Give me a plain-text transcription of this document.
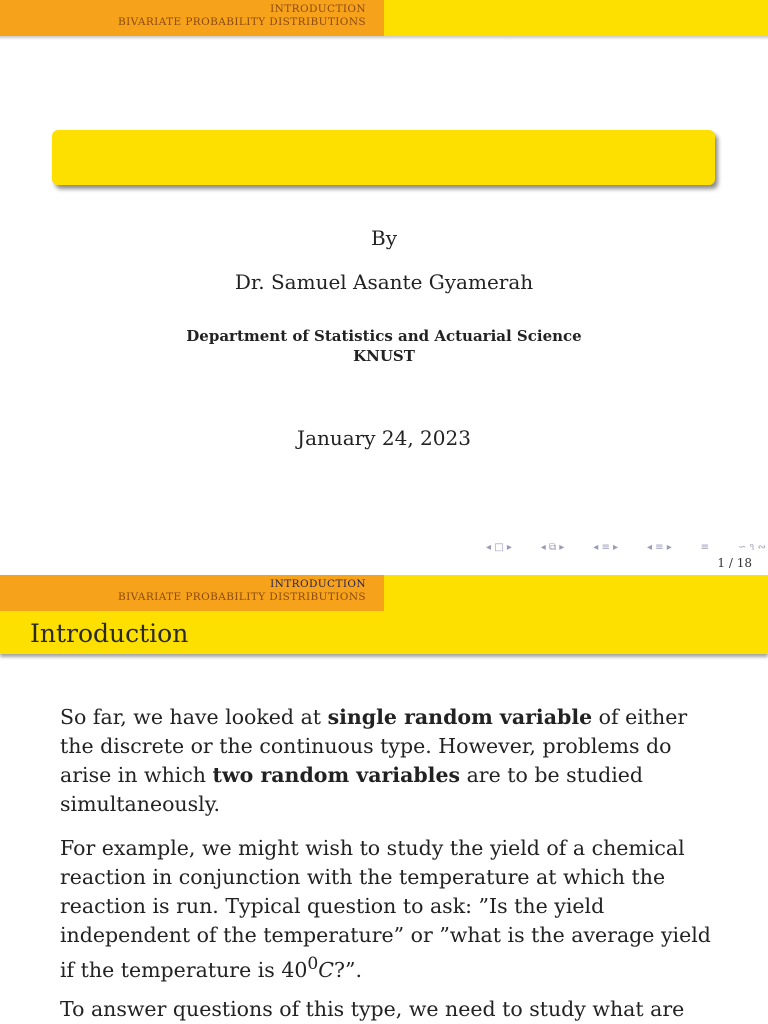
INTRODUCTION
BIVARIATE PROBABILITY DISTRIBUTIONS
By
Dr. Samuel Asante Gyamerah
Department of Statistics and Actuarial Science
KNUST
January 24, 2023
◂ □ ▸	◂ ⧉ ▸	◂ ≡ ▸	◂ ≡ ▸	≡	∽ ૧ ∾
1 / 18
INTRODUCTION
BIVARIATE PROBABILITY DISTRIBUTIONS
Introduction
So far, we have looked at single random variable of either the discrete or the continuous type. However, problems do arise in which two random variables are to be studied simultaneously.
For example, we might wish to study the yield of a chemical reaction in conjunction with the temperature at which the reaction is run. Typical question to ask: ”Is the yield independent of the temperature” or ”what is the average yield if the temperature is $40^0C$?”.
To answer questions of this type, we need to study what are
